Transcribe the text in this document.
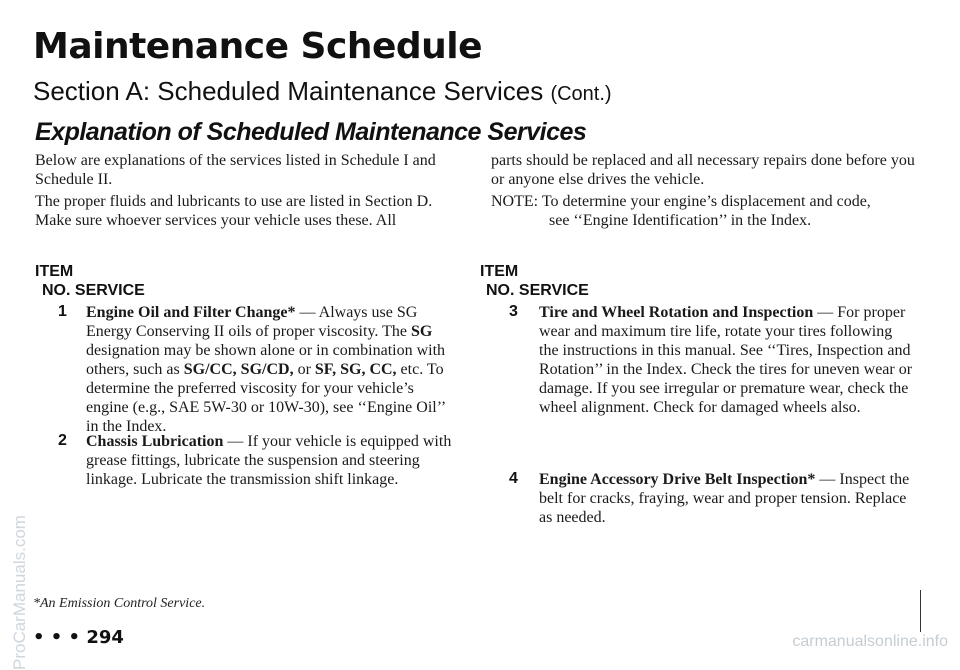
Maintenance Schedule
Section A: Scheduled Maintenance Services (Cont.)
Explanation of Scheduled Maintenance Services
Below are explanations of the services listed in Schedule I and Schedule II.
The proper fluids and lubricants to use are listed in Section D. Make sure whoever services your vehicle uses these. All
parts should be replaced and all necessary repairs done before you or anyone else drives the vehicle.
NOTE: To determine your engine’s displacement and code,
see ‘‘Engine Identification’’ in the Index.
ITEM
NO. SERVICE
ITEM
NO. SERVICE
1 Engine Oil and Filter Change* — Always use SG Energy Conserving II oils of proper viscosity. The SG designation may be shown alone or in combination with others, such as SG/CC, SG/CD, or SF, SG, CC, etc. To determine the preferred viscosity for your vehicle’s engine (e.g., SAE 5W-30 or 10W-30), see ‘‘Engine Oil’’ in the Index.
2 Chassis Lubrication — If your vehicle is equipped with grease fittings, lubricate the suspension and steering linkage. Lubricate the transmission shift linkage.
3 Tire and Wheel Rotation and Inspection — For proper wear and maximum tire life, rotate your tires following the instructions in this manual. See ‘‘Tires, Inspection and Rotation’’ in the Index. Check the tires for uneven wear or damage. If you see irregular or premature wear, check the wheel alignment. Check for damaged wheels also.
4 Engine Accessory Drive Belt Inspection* — Inspect the belt for cracks, fraying, wear and proper tension. Replace as needed.
*An Emission Control Service.
• • • 294
ProCarManuals.com	carmanualsonline.info
